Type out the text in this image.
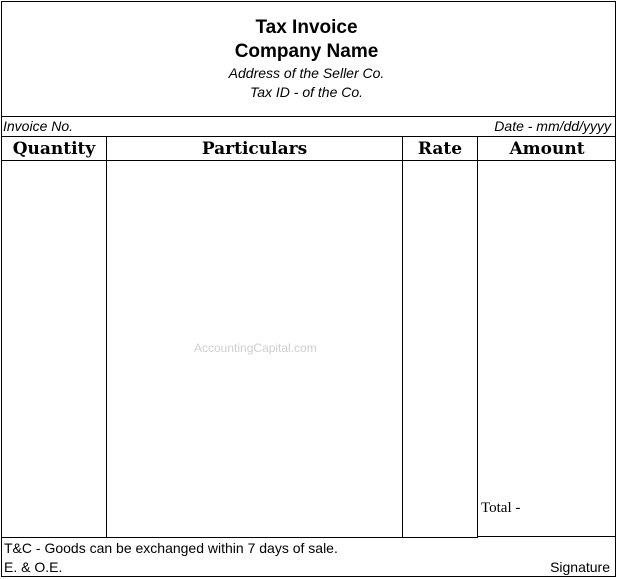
Tax Invoice
Company Name
Address of the Seller Co.
Tax ID - of the Co.
Invoice No.	Date - mm/dd/yyyy
Quantity	Particulars	Rate	Amount
AccountingCapital.com
Total -
T&C - Goods can be exchanged within 7 days of sale.
E. & O.E.	Signature
